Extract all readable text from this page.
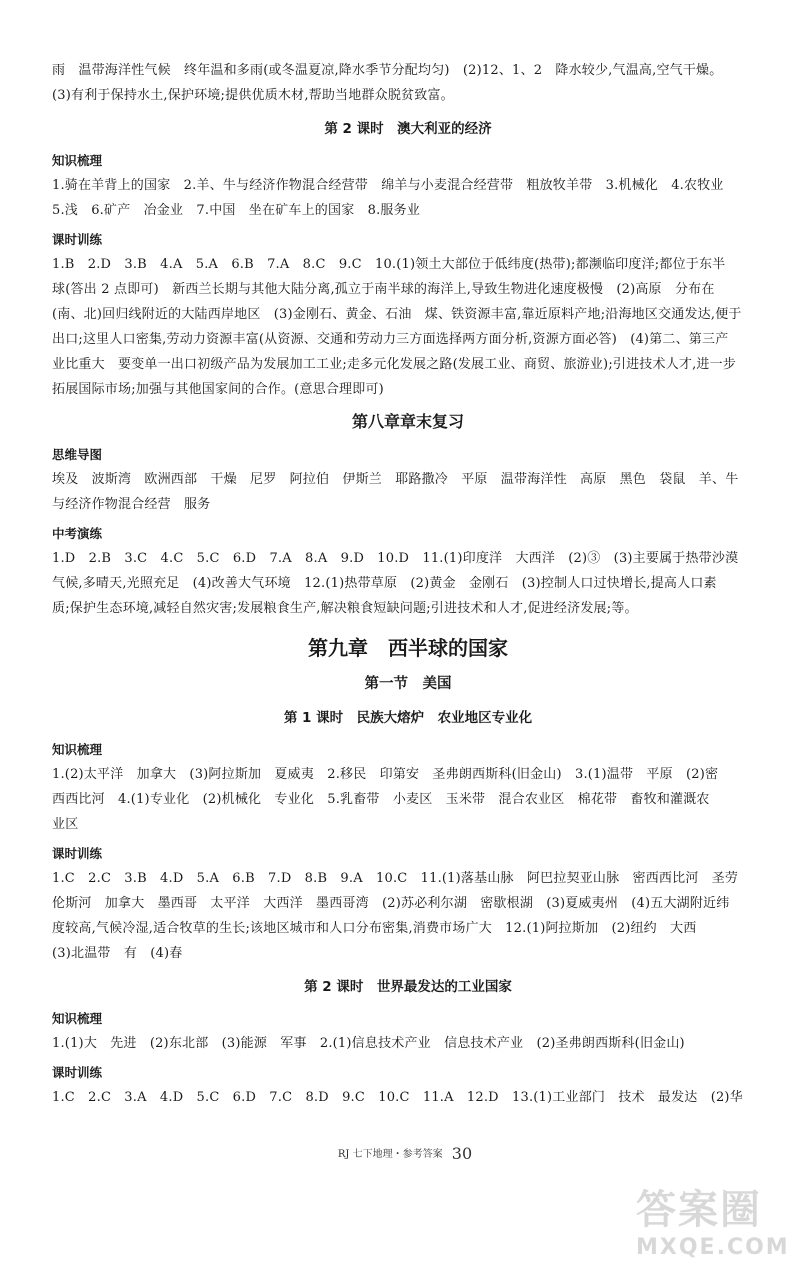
雨　温带海洋性气候　终年温和多雨(或冬温夏凉,降水季节分配均匀)　(2)12、1、2　降水较少,气温高,空气干燥。
(3)有利于保持水土,保护环境;提供优质木材,帮助当地群众脱贫致富。
第 2 课时　澳大利亚的经济
知识梳理
1.骑在羊背上的国家　2.羊、牛与经济作物混合经营带　绵羊与小麦混合经营带　粗放牧羊带　3.机械化　4.农牧业
5.浅　6.矿产　冶金业　7.中国　坐在矿车上的国家　8.服务业
课时训练
1.B　2.D　3.B　4.A　5.A　6.B　7.A　8.C　9.C　10.(1)领土大部位于低纬度(热带);都濒临印度洋;都位于东半
球(答出 2 点即可)　新西兰长期与其他大陆分离,孤立于南半球的海洋上,导致生物进化速度极慢　(2)高原　分布在
(南、北)回归线附近的大陆西岸地区　(3)金刚石、黄金、石油　煤、铁资源丰富,靠近原料产地;沿海地区交通发达,便于
出口;这里人口密集,劳动力资源丰富(从资源、交通和劳动力三方面选择两方面分析,资源方面必答)　(4)第二、第三产
业比重大　要变单一出口初级产品为发展加工工业;走多元化发展之路(发展工业、商贸、旅游业);引进技术人才,进一步
拓展国际市场;加强与其他国家间的合作。(意思合理即可)
第八章章末复习
思维导图
埃及　波斯湾　欧洲西部　干燥　尼罗　阿拉伯　伊斯兰　耶路撒冷　平原　温带海洋性　高原　黑色　袋鼠　羊、牛
与经济作物混合经营　服务
中考演练
1.D　2.B　3.C　4.C　5.C　6.D　7.A　8.A　9.D　10.D　11.(1)印度洋　大西洋　(2)③　(3)主要属于热带沙漠
气候,多晴天,光照充足　(4)改善大气环境　12.(1)热带草原　(2)黄金　金刚石　(3)控制人口过快增长,提高人口素
质;保护生态环境,减轻自然灾害;发展粮食生产,解决粮食短缺问题;引进技术和人才,促进经济发展;等。
第九章　西半球的国家
第一节　美国
第 1 课时　民族大熔炉　农业地区专业化
知识梳理
1.(2)太平洋　加拿大　(3)阿拉斯加　夏威夷　2.移民　印第安　圣弗朗西斯科(旧金山)　3.(1)温带　平原　(2)密
西西比河　4.(1)专业化　(2)机械化　专业化　5.乳畜带　小麦区　玉米带　混合农业区　棉花带　畜牧和灌溉农
业区
课时训练
1.C　2.C　3.B　4.D　5.A　6.B　7.D　8.B　9.A　10.C　11.(1)落基山脉　阿巴拉契亚山脉　密西西比河　圣劳
伦斯河　加拿大　墨西哥　太平洋　大西洋　墨西哥湾　(2)苏必利尔湖　密歇根湖　(3)夏威夷州　(4)五大湖附近纬
度较高,气候冷湿,适合牧草的生长;该地区城市和人口分布密集,消费市场广大　12.(1)阿拉斯加　(2)纽约　大西
(3)北温带　有　(4)春
第 2 课时　世界最发达的工业国家
知识梳理
1.(1)大　先进　(2)东北部　(3)能源　军事　2.(1)信息技术产业　信息技术产业　(2)圣弗朗西斯科(旧金山)
课时训练
1.C　2.C　3.A　4.D　5.C　6.D　7.C　8.D　9.C　10.C　11.A　12.D　13.(1)工业部门　技术　最发达　(2)华
RJ 七下地理・参考答案 30
答案圈
MXQE.COM
